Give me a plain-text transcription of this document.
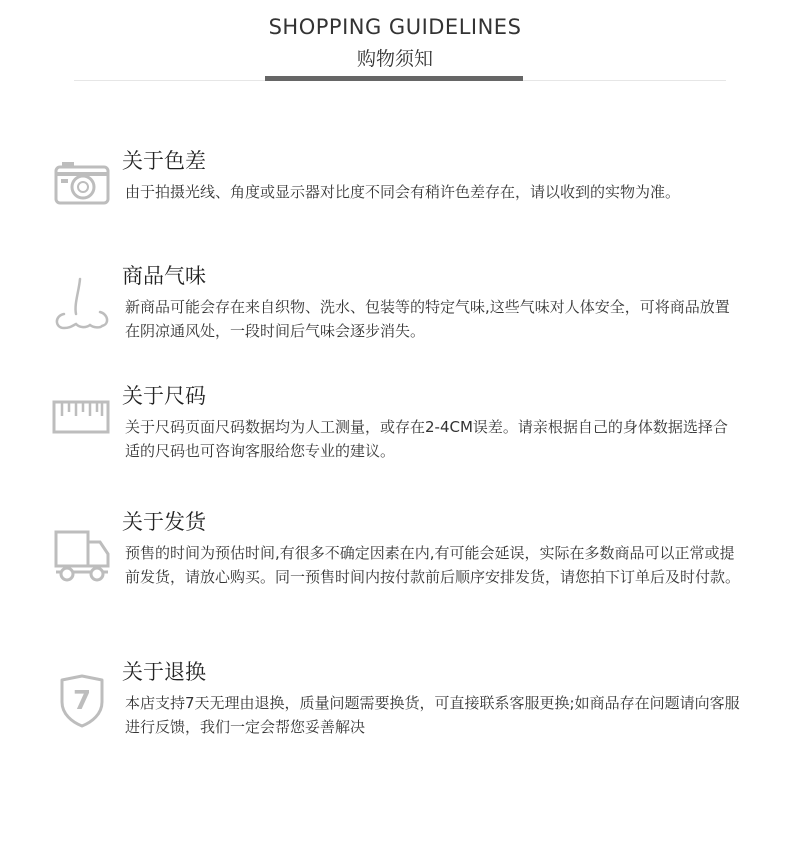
SHOPPING GUIDELINES
购物须知
关于色差
由于拍摄光线、角度或显示器对比度不同会有稍许色差存在，请以收到的实物为准。
商品气味
新商品可能会存在来自织物、洗水、包装等的特定气味,这些气味对人体安全，可将商品放置在阴凉通风处，一段时间后气味会逐步消失。
关于尺码
关于尺码页面尺码数据均为人工测量，或存在2-4CM误差。请亲根据自己的身体数据选择合适的尺码也可咨询客服给您专业的建议。
关于发货
预售的时间为预估时间,有很多不确定因素在内,有可能会延误，实际在多数商品可以正常或提前发货，请放心购买。同一预售时间内按付款前后顺序安排发货，请您拍下订单后及时付款。
7
关于退换
本店支持7天无理由退换，质量问题需要换货，可直接联系客服更换;如商品存在问题请向客服进行反馈，我们一定会帮您妥善解决
